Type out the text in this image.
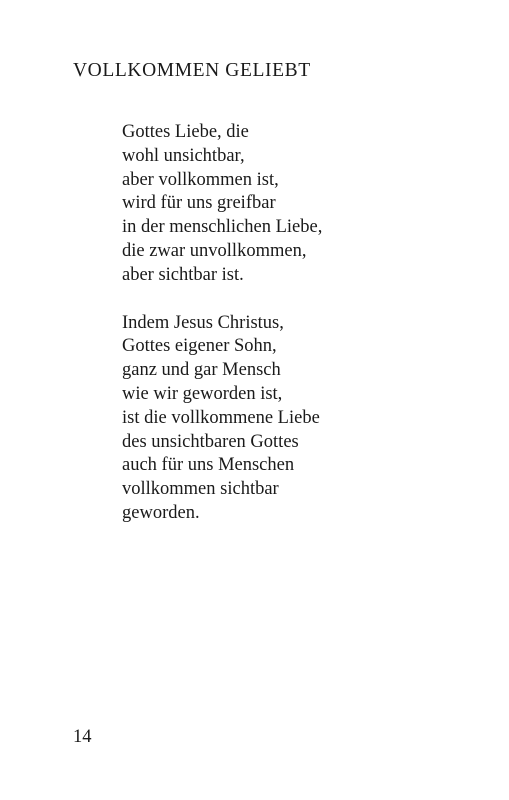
VOLLKOMMEN GELIEBT
Gottes Liebe, die
wohl unsichtbar,
aber vollkommen ist,
wird für uns greifbar
in der menschlichen Liebe,
die zwar unvollkommen,
aber sichtbar ist.
Indem Jesus Christus,
Gottes eigener Sohn,
ganz und gar Mensch
wie wir geworden ist,
ist die vollkommene Liebe
des unsichtbaren Gottes
auch für uns Menschen
vollkommen sichtbar
geworden.
14
